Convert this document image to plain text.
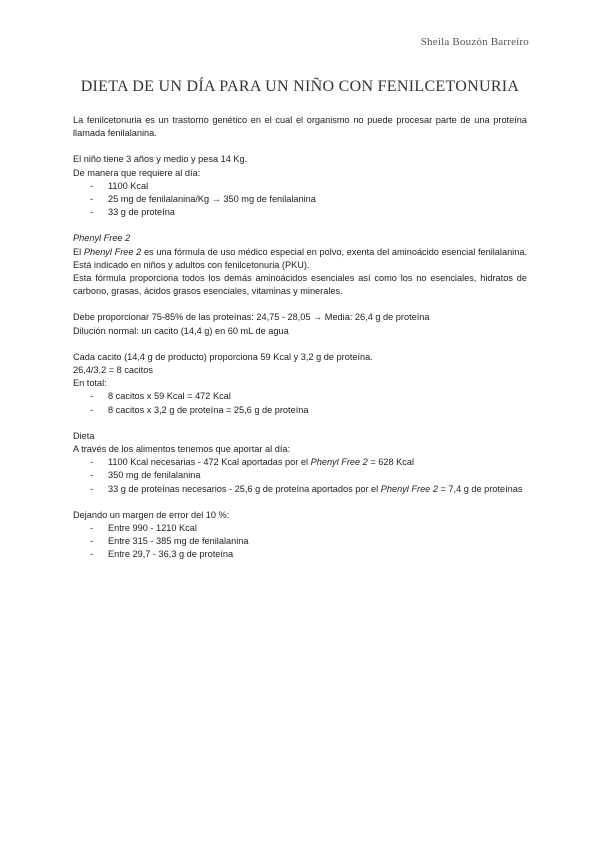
Sheila Bouzón Barreiro
DIETA DE UN DÍA PARA UN NIÑO CON FENILCETONURIA

La fenilcetonuria es un trastorno genético en el cual el organismo no puede procesar parte de una proteína llamada fenilalanina.

El niño tiene 3 años y medio y pesa 14 Kg.

De manera que requiere al día:

- 1100 Kcal
- 25 mg de fenilalanina/Kg → 350 mg de fenilalanina
- 33 g de proteína

Phenyl Free 2

El Phenyl Free 2 es una fórmula de uso médico especial en polvo, exenta del aminoácido esencial fenilalanina. Está indicado en niños y adultos con fenilcetonuria (PKU).

Esta fórmula proporciona todos los demás aminoácidos esenciales así como los no esenciales, hidratos de carbono, grasas, ácidos grasos esenciales, vitaminas y minerales.

Debe proporcionar 75-85% de las proteínas: 24,75 - 28,05 → Media: 26,4 g de proteína

Dilución normal: un cacito (14,4 g) en 60 mL de agua

Cada cacito (14,4 g de producto) proporciona 59 Kcal y 3,2 g de proteína.

26,4/3,2 = 8 cacitos

En total:

- 8 cacitos x 59 Kcal = 472 Kcal
- 8 cacitos x 3,2 g de proteína = 25,6 g de proteína

Dieta

A través de los alimentos tenemos que aportar al día:

- 1100 Kcal necesarias - 472 Kcal aportadas por el Phenyl Free 2 = 628 Kcal
- 350 mg de fenilalanina
- 33 g de proteínas necesarios - 25,6 g de proteína aportados por el Phenyl Free 2 = 7,4 g de proteínas

Dejando un margen de error del 10 %:

- Entre 990 - 1210 Kcal
- Entre 315 - 385 mg de fenilalanina
- Entre 29,7 - 36,3 g de proteína
